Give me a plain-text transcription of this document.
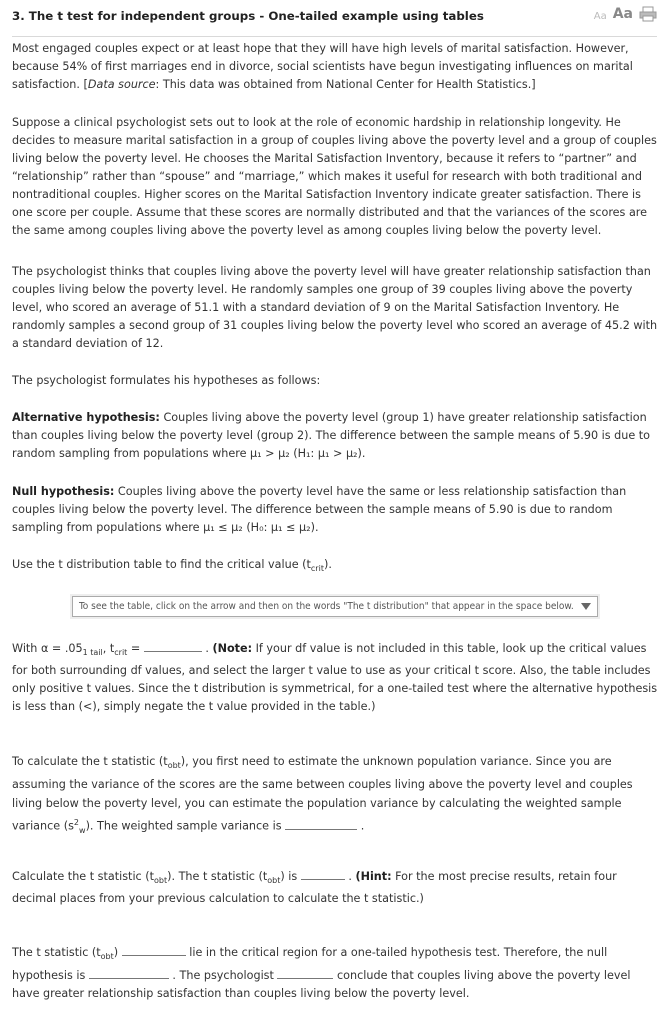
3. The t test for independent groups - One-tailed example using tables	Aa Aa

Most engaged couples expect or at least hope that they will have high levels of marital satisfaction. However, because 54% of first marriages end in divorce, social scientists have begun investigating influences on marital satisfaction. [Data source: This data was obtained from National Center for Health Statistics.]

Suppose a clinical psychologist sets out to look at the role of economic hardship in relationship longevity. He decides to measure marital satisfaction in a group of couples living above the poverty level and a group of couples living below the poverty level. He chooses the Marital Satisfaction Inventory, because it refers to “partner” and “relationship” rather than “spouse” and “marriage,” which makes it useful for research with both traditional and nontraditional couples. Higher scores on the Marital Satisfaction Inventory indicate greater satisfaction. There is one score per couple. Assume that these scores are normally distributed and that the variances of the scores are the same among couples living above the poverty level as among couples living below the poverty level.

The psychologist thinks that couples living above the poverty level will have greater relationship satisfaction than couples living below the poverty level. He randomly samples one group of 39 couples living above the poverty level, who scored an average of 51.1 with a standard deviation of 9 on the Marital Satisfaction Inventory. He randomly samples a second group of 31 couples living below the poverty level who scored an average of 45.2 with a standard deviation of 12.

The psychologist formulates his hypotheses as follows:

Alternative hypothesis: Couples living above the poverty level (group 1) have greater relationship satisfaction than couples living below the poverty level (group 2). The difference between the sample means of 5.90 is due to random sampling from populations where μ₁ > μ₂ (H₁: μ₁ > μ₂).

Null hypothesis: Couples living above the poverty level have the same or less relationship satisfaction than couples living below the poverty level. The difference between the sample means of 5.90 is due to random sampling from populations where μ₁ ≤ μ₂ (H₀: μ₁ ≤ μ₂).

Use the t distribution table to find the critical value $(t_{crit})$.

To see the table, click on the arrow and then on the words "The t distribution" that appear in the space below.

With $\alpha = .05_{1 tail}$, $t_{crit}$ =	. (Note: If your df value is not included in this table, look up the critical values for both surrounding df values, and select the larger t value to use as your critical t score. Also, the table includes only positive t values. Since the t distribution is symmetrical, for a one-tailed test where the alternative hypothesis is less than (<), simply negate the t value provided in the table.)

To calculate the t statistic $(t_{obt})$, you first need to estimate the unknown population variance. Since you are assuming the variance of the scores are the same between couples living above the poverty level and couples living below the poverty level, you can estimate the population variance by calculating the weighted sample variance $(s^2_w)$. The weighted sample variance is	.

Calculate the t statistic $(t_{obt})$. The t statistic $(t_{obt})$ is	. (Hint: For the most precise results, retain four decimal places from your previous calculation to calculate the t statistic.)

The t statistic $(t_{obt})$	lie in the critical region for a one-tailed hypothesis test. Therefore, the null hypothesis is	. The psychologist	conclude that couples living above the poverty level have greater relationship satisfaction than couples living below the poverty level.
